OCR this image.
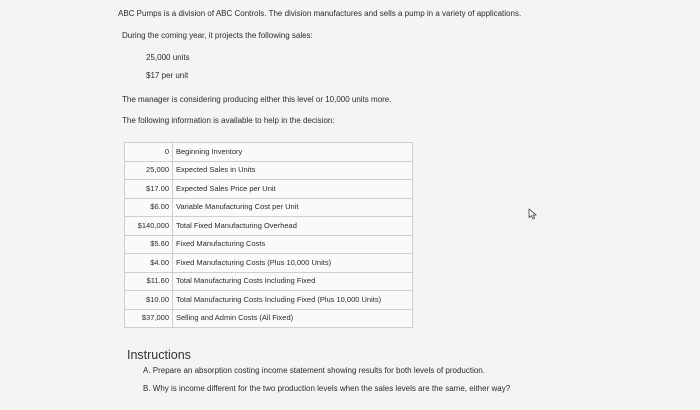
ABC Pumps is a division of ABC Controls. The division manufactures and sells a pump in a variety of applications.
During the coming year, it projects the following sales:
25,000 units
$17 per unit
The manager is considering producing either this level or 10,000 units more.
The following information is available to help in the decision:
0	Beginning Inventory
25,000	Expected Sales in Units
$17.00	Expected Sales Price per Unit
$6.00	Variable Manufacturing Cost per Unit
$140,000	Total Fixed Manufacturing Overhead
$5.60	Fixed Manufacturing Costs
$4.00	Fixed Manufacturing Costs (Plus 10,000 Units)
$11.60	Total Manufacturing Costs Including Fixed
$10.00	Total Manufacturing Costs Including Fixed (Plus 10,000 Units)
$37,000	Selling and Admin Costs (All Fixed)
Instructions
A. Prepare an absorption costing income statement showing results for both levels of production.
B. Why is income different for the two production levels when the sales levels are the same, either way?
